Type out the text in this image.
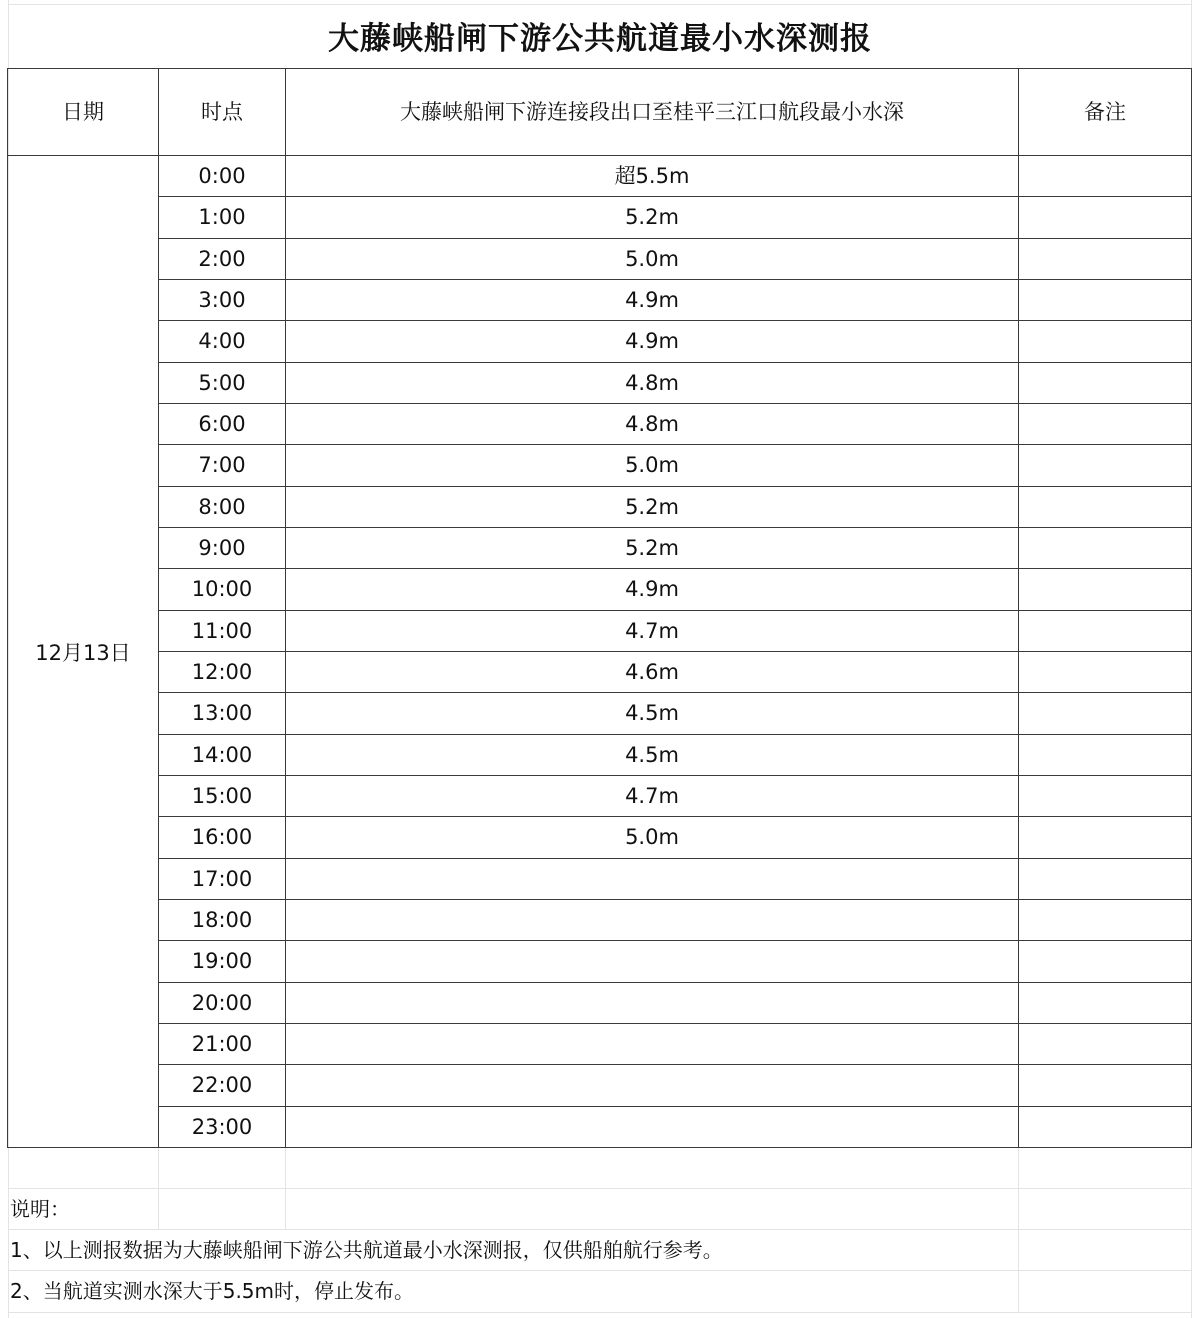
大藤峡船闸下游公共航道最小水深测报
日期	时点	大藤峡船闸下游连接段出口至桂平三江口航段最小水深	备注
12月13日
0:00	超5.5m
1:00	5.2m
2:00	5.0m
3:00	4.9m
4:00	4.9m
5:00	4.8m
6:00	4.8m
7:00	5.0m
8:00	5.2m
9:00	5.2m
10:00	4.9m
11:00	4.7m
12:00	4.6m
13:00	4.5m
14:00	4.5m
15:00	4.7m
16:00	5.0m
17:00
18:00
19:00
20:00
21:00
22:00
23:00
说明：
1、以上测报数据为大藤峡船闸下游公共航道最小水深测报，仅供船舶航行参考。
2、当航道实测水深大于5.5m时，停止发布。
